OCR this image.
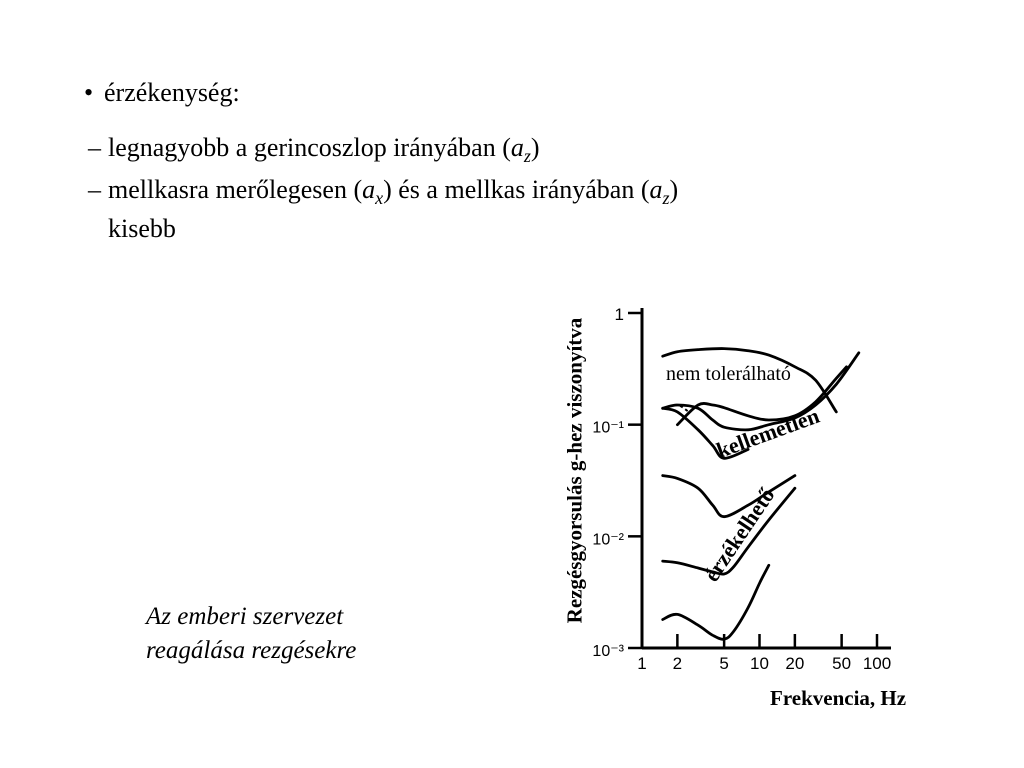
• érzékenység:
– legnagyobb a gerincoszlop irányában $(a_z)$
– mellkasra merőlegesen $(a_x)$ és a mellkas irányában $(a_z)$
kisebb
Az emberi szervezet
reagálása rezgésekre	10⁻³
10⁻²
10⁻¹
1
1 2 5 10 20 50 100
nem tolerálható
kellemetlen
érzékelhető
Rezgésgyorsulás g-hez viszonyítva
Frekvencia, Hz
